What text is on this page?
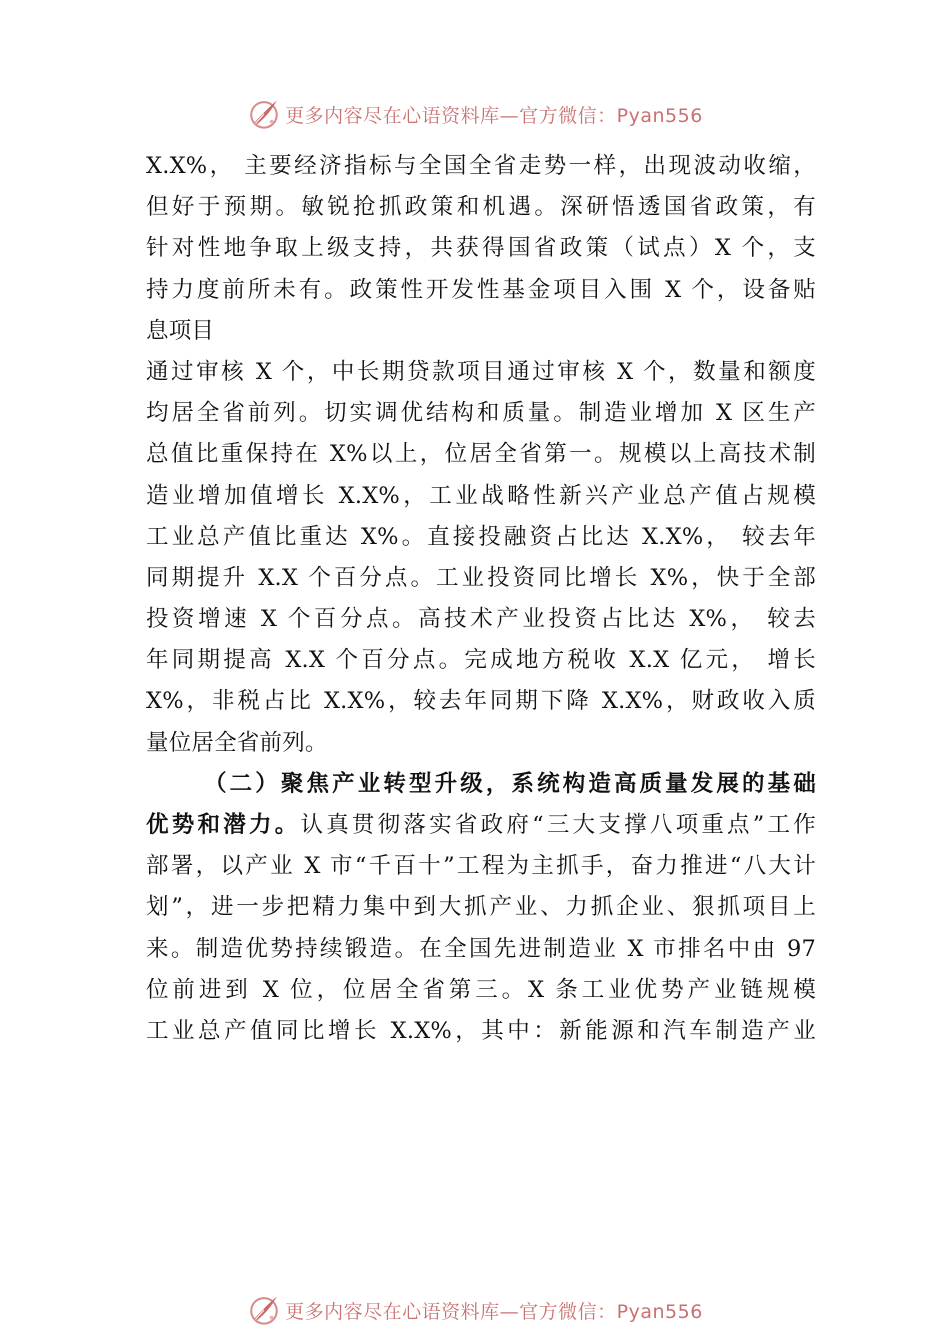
更多内容尽在心语资料库—官方微信：Pyan556
X.X%， 主要经济指标与全国全省走势一样，出现波动收缩，
但好于预期。敏锐抢抓政策和机遇。深研悟透国省政策，有
针对性地争取上级支持，共获得国省政策（试点）X 个，支
持力度前所未有。政策性开发性基金项目入围 X 个，设备贴
息项目
通过审核 X 个，中长期贷款项目通过审核 X 个，数量和额度
均居全省前列。切实调优结构和质量。制造业增加 X 区生产
总值比重保持在 X%以上，位居全省第一。规模以上高技术制
造业增加值增长 X.X%，工业战略性新兴产业总产值占规模
工业总产值比重达 X%。直接投融资占比达 X.X%， 较去年
同期提升 X.X 个百分点。工业投资同比增长 X%，快于全部
投资增速 X 个百分点。高技术产业投资占比达 X%， 较去
年同期提高 X.X 个百分点。完成地方税收 X.X 亿元， 增长
X%，非税占比 X.X%，较去年同期下降 X.X%，财政收入质
量位居全省前列。
（二）聚焦产业转型升级，系统构造高质量发展的基础
优势和潜力。认真贯彻落实省政府“三大支撑八项重点”工作
部署，以产业 X 市“千百十”工程为主抓手，奋力推进“八大计
划”，进一步把精力集中到大抓产业、力抓企业、狠抓项目上
来。制造优势持续锻造。在全国先进制造业 X 市排名中由 97
位前进到 X 位，位居全省第三。X 条工业优势产业链规模
工业总产值同比增长 X.X%，其中：新能源和汽车制造产业
更多内容尽在心语资料库—官方微信：Pyan556
